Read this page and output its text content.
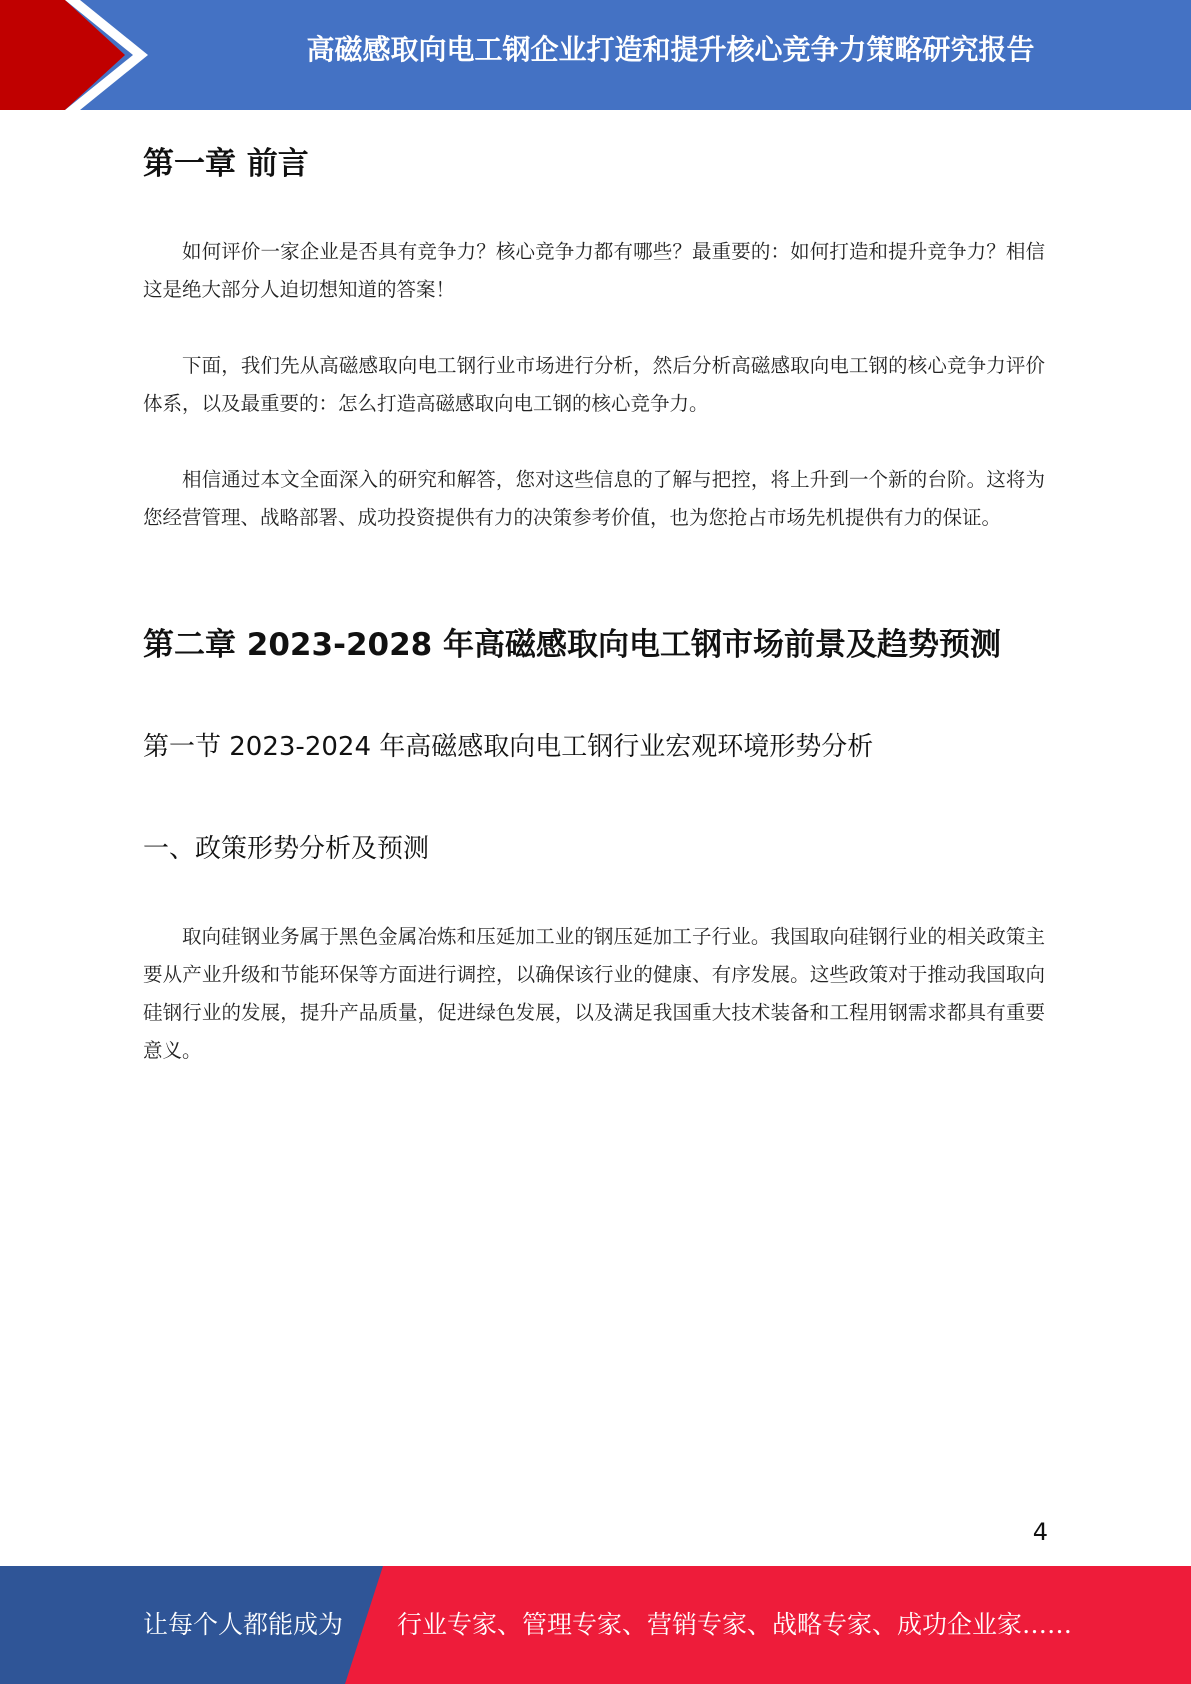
高磁感取向电工钢企业打造和提升核心竞争力策略研究报告
第一章 前言

如何评价一家企业是否具有竞争力？核心竞争力都有哪些？最重要的：如何打造和提升竞争力？相信这是绝大部分人迫切想知道的答案！

下面，我们先从高磁感取向电工钢行业市场进行分析，然后分析高磁感取向电工钢的核心竞争力评价体系，以及最重要的：怎么打造高磁感取向电工钢的核心竞争力。

相信通过本文全面深入的研究和解答，您对这些信息的了解与把控，将上升到一个新的台阶。这将为您经营管理、战略部署、成功投资提供有力的决策参考价值，也为您抢占市场先机提供有力的保证。

第二章 2023-2028 年高磁感取向电工钢市场前景及趋势预测
第一节 2023-2024 年高磁感取向电工钢行业宏观环境形势分析
一、政策形势分析及预测

取向硅钢业务属于黑色金属冶炼和压延加工业的钢压延加工子行业。我国取向硅钢行业的相关政策主要从产业升级和节能环保等方面进行调控，以确保该行业的健康、有序发展。这些政策对于推动我国取向硅钢行业的发展，提升产品质量，促进绿色发展，以及满足我国重大技术装备和工程用钢需求都具有重要意义。

4
让每个人都能成为 行业专家、管理专家、营销专家、战略专家、成功企业家……
